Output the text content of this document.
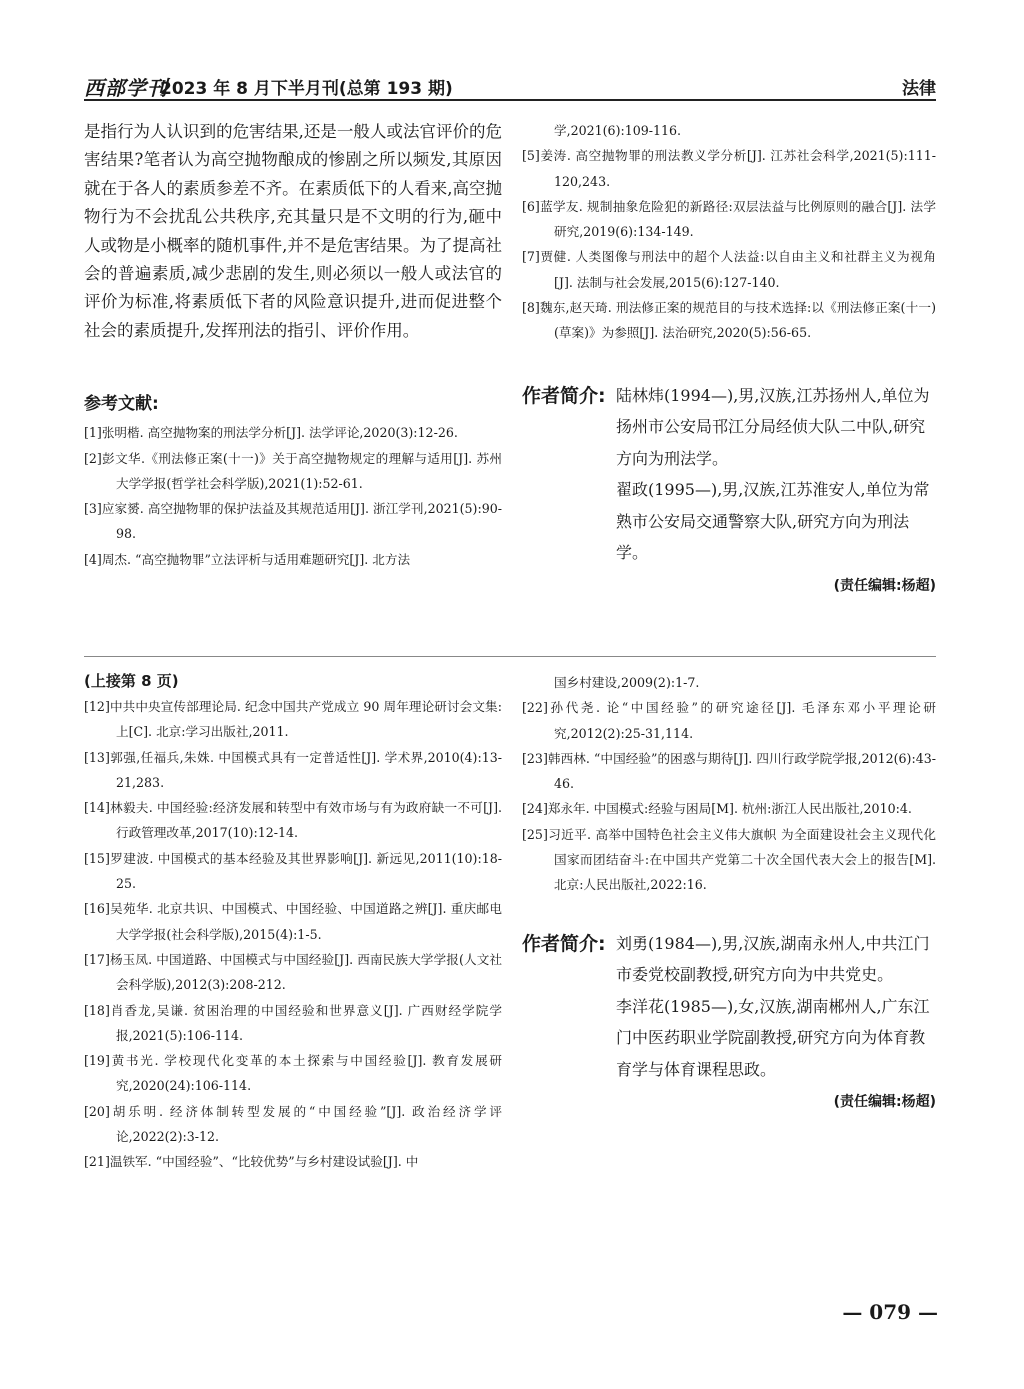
西部学刊
2023 年 8 月下半月刊(总第 193 期)	法律

是指行为人认识到的危害结果,还是一般人或法官评价的危害结果?笔者认为高空抛物酿成的惨剧之所以频发,其原因就在于各人的素质参差不齐。在素质低下的人看来,高空抛物行为不会扰乱公共秩序,充其量只是不文明的行为,砸中人或物是小概率的随机事件,并不是危害结果。为了提高社会的普遍素质,减少悲剧的发生,则必须以一般人或法官的评价为标准,将素质低下者的风险意识提升,进而促进整个社会的素质提升,发挥刑法的指引、评价作用。

参考文献:

[1]张明楷. 高空抛物案的刑法学分析[J]. 法学评论,2020(3):12-26.

[2]彭文华.《刑法修正案(十一)》关于高空抛物规定的理解与适用[J]. 苏州大学学报(哲学社会科学版),2021(1):52-61.

[3]应家赟. 高空抛物罪的保护法益及其规范适用[J]. 浙江学刊,2021(5):90-98.

[4]周杰. “高空抛物罪”立法评析与适用难题研究[J]. 北方法

学,2021(6):109-116.

[5]姜涛. 高空抛物罪的刑法教义学分析[J]. 江苏社会科学,2021(5):111-120,243.

[6]蓝学友. 规制抽象危险犯的新路径:双层法益与比例原则的融合[J]. 法学研究,2019(6):134-149.

[7]贾健. 人类图像与刑法中的超个人法益:以自由主义和社群主义为视角[J]. 法制与社会发展,2015(6):127-140.

[8]魏东,赵天琦. 刑法修正案的规范目的与技术选择:以《刑法修正案(十一)(草案)》为参照[J]. 法治研究,2020(5):56-65.

作者简介: 陆林炜(1994—),男,汉族,江苏扬州人,单位为扬州市公安局邗江分局经侦大队二中队,研究方向为刑法学。

翟政(1995—),男,汉族,江苏淮安人,单位为常熟市公安局交通警察大队,研究方向为刑法学。

(责任编辑:杨超)

(上接第 8 页)

[12]中共中央宣传部理论局. 纪念中国共产党成立 90 周年理论研讨会文集:上[C]. 北京:学习出版社,2011.

[13]郭强,任福兵,朱姝. 中国模式具有一定普适性[J]. 学术界,2010(4):13-21,283.

[14]林毅夫. 中国经验:经济发展和转型中有效市场与有为政府缺一不可[J]. 行政管理改革,2017(10):12-14.

[15]罗建波. 中国模式的基本经验及其世界影响[J]. 新远见,2011(10):18-25.

[16]吴苑华. 北京共识、中国模式、中国经验、中国道路之辨[J]. 重庆邮电大学学报(社会科学版),2015(4):1-5.

[17]杨玉凤. 中国道路、中国模式与中国经验[J]. 西南民族大学学报(人文社会科学版),2012(3):208-212.

[18]肖香龙,吴谦. 贫困治理的中国经验和世界意义[J]. 广西财经学院学报,2021(5):106-114.

[19]黄书光. 学校现代化变革的本土探索与中国经验[J]. 教育发展研究,2020(24):106-114.

[20]胡乐明. 经济体制转型发展的“中国经验”[J]. 政治经济学评论,2022(2):3-12.

[21]温铁军. “中国经验”、“比较优势”与乡村建设试验[J]. 中

国乡村建设,2009(2):1-7.

[22]孙代尧. 论“中国经验”的研究途径[J]. 毛泽东邓小平理论研究,2012(2):25-31,114.

[23]韩西林. “中国经验”的困惑与期待[J]. 四川行政学院学报,2012(6):43-46.

[24]郑永年. 中国模式:经验与困局[M]. 杭州:浙江人民出版社,2010:4.

[25]习近平. 高举中国特色社会主义伟大旗帜 为全面建设社会主义现代化国家而团结奋斗:在中国共产党第二十次全国代表大会上的报告[M]. 北京:人民出版社,2022:16.

作者简介: 刘勇(1984—),男,汉族,湖南永州人,中共江门市委党校副教授,研究方向为中共党史。

李洋花(1985—),女,汉族,湖南郴州人,广东江门中医药职业学院副教授,研究方向为体育教育学与体育课程思政。

(责任编辑:杨超)

— 079 —
